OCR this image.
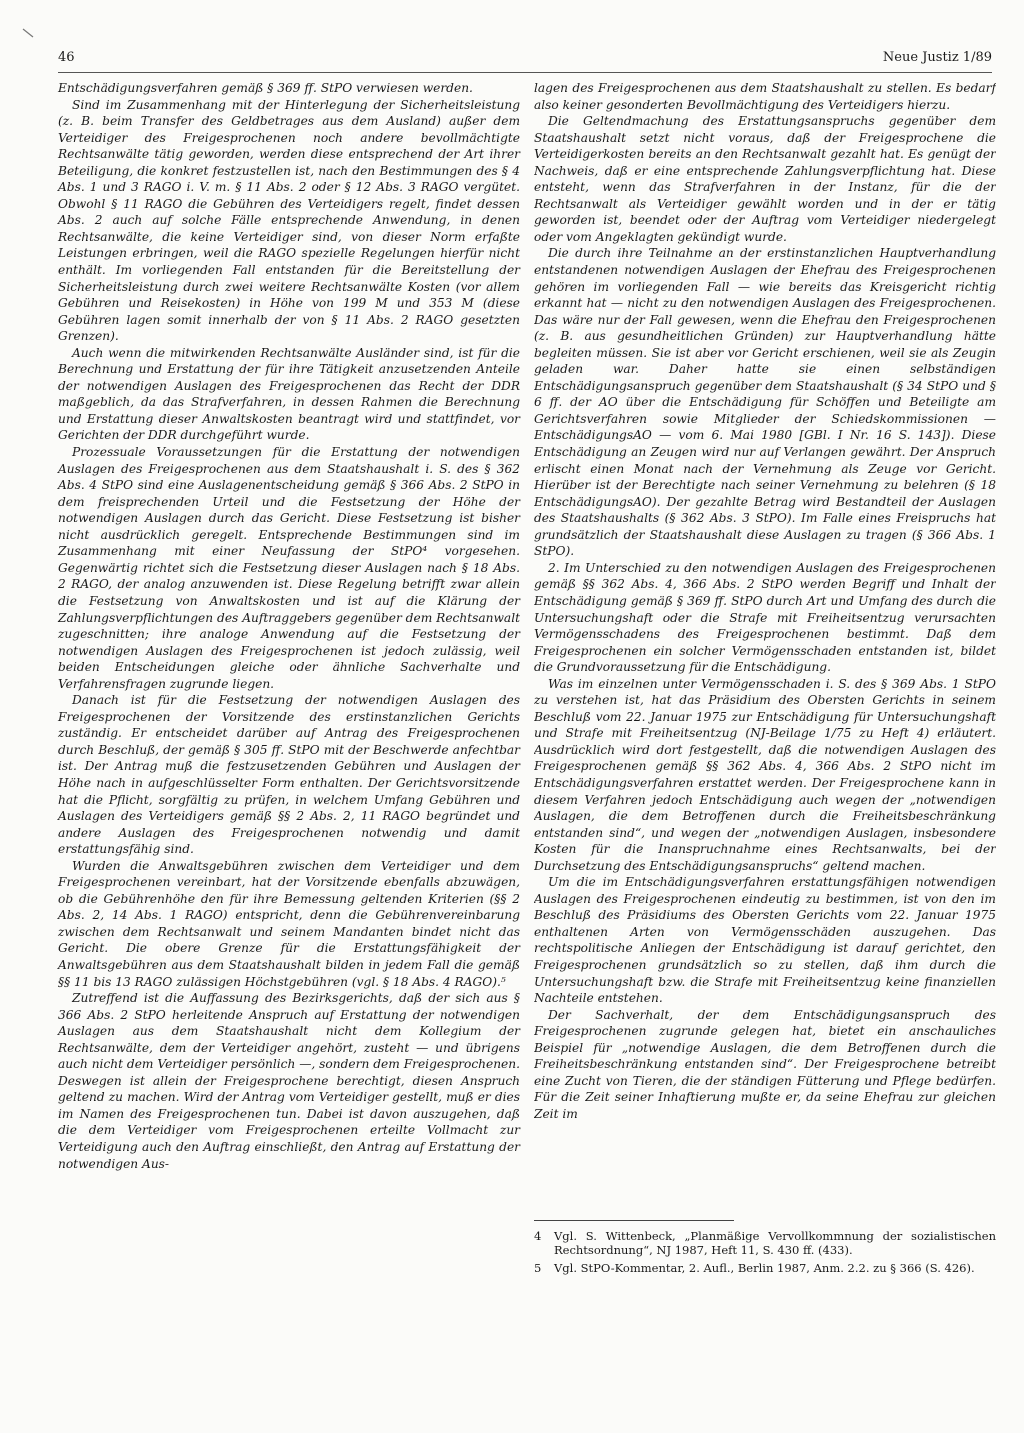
46	Neue Justiz 1/89

Entschädigungsverfahren gemäß § 369 ff. StPO verwiesen werden.

Sind im Zusammenhang mit der Hinterlegung der Sicherheitsleistung (z. B. beim Transfer des Geldbetrages aus dem Ausland) außer dem Verteidiger des Freigesprochenen noch andere bevollmächtigte Rechtsanwälte tätig geworden, werden diese entsprechend der Art ihrer Beteiligung, die konkret festzustellen ist, nach den Bestimmungen des § 4 Abs. 1 und 3 RAGO i. V. m. § 11 Abs. 2 oder § 12 Abs. 3 RAGO vergütet. Obwohl § 11 RAGO die Gebühren des Verteidigers regelt, findet dessen Abs. 2 auch auf solche Fälle entsprechende Anwendung, in denen Rechtsanwälte, die keine Verteidiger sind, von dieser Norm erfaßte Leistungen erbringen, weil die RAGO spezielle Regelungen hierfür nicht enthält. Im vorliegenden Fall entstanden für die Bereitstellung der Sicherheitsleistung durch zwei weitere Rechtsanwälte Kosten (vor allem Gebühren und Reisekosten) in Höhe von 199 M und 353 M (diese Gebühren lagen somit innerhalb der von § 11 Abs. 2 RAGO gesetzten Grenzen).

Auch wenn die mitwirkenden Rechtsanwälte Ausländer sind, ist für die Berechnung und Erstattung der für ihre Tätigkeit anzusetzenden Anteile der notwendigen Auslagen des Freigesprochenen das Recht der DDR maßgeblich, da das Strafverfahren, in dessen Rahmen die Berechnung und Erstattung dieser Anwaltskosten beantragt wird und stattfindet, vor Gerichten der DDR durchgeführt wurde.

Prozessuale Voraussetzungen für die Erstattung der notwendigen Auslagen des Freigesprochenen aus dem Staatshaushalt i. S. des § 362 Abs. 4 StPO sind eine Auslagenentscheidung gemäß § 366 Abs. 2 StPO in dem freisprechenden Urteil und die Festsetzung der Höhe der notwendigen Auslagen durch das Gericht. Diese Festsetzung ist bisher nicht ausdrücklich geregelt. Entsprechende Bestimmungen sind im Zusammenhang mit einer Neufassung der StPO⁴ vorgesehen. Gegenwärtig richtet sich die Festsetzung dieser Auslagen nach § 18 Abs. 2 RAGO, der analog anzuwenden ist. Diese Regelung betrifft zwar allein die Festsetzung von Anwaltskosten und ist auf die Klärung der Zahlungsverpflichtungen des Auftraggebers gegenüber dem Rechtsanwalt zugeschnitten; ihre analoge Anwendung auf die Festsetzung der notwendigen Auslagen des Freigesprochenen ist jedoch zulässig, weil beiden Entscheidungen gleiche oder ähnliche Sachverhalte und Verfahrensfragen zugrunde liegen.

Danach ist für die Festsetzung der notwendigen Auslagen des Freigesprochenen der Vorsitzende des erstinstanzlichen Gerichts zuständig. Er entscheidet darüber auf Antrag des Freigesprochenen durch Beschluß, der gemäß § 305 ff. StPO mit der Beschwerde anfechtbar ist. Der Antrag muß die festzusetzenden Gebühren und Auslagen der Höhe nach in aufgeschlüsselter Form enthalten. Der Gerichtsvorsitzende hat die Pflicht, sorgfältig zu prüfen, in welchem Umfang Gebühren und Auslagen des Verteidigers gemäß §§ 2 Abs. 2, 11 RAGO begründet und andere Auslagen des Freigesprochenen notwendig und damit erstattungsfähig sind.

Wurden die Anwaltsgebühren zwischen dem Verteidiger und dem Freigesprochenen vereinbart, hat der Vorsitzende ebenfalls abzuwägen, ob die Gebührenhöhe den für ihre Bemessung geltenden Kriterien (§§ 2 Abs. 2, 14 Abs. 1 RAGO) entspricht, denn die Gebührenvereinbarung zwischen dem Rechtsanwalt und seinem Mandanten bindet nicht das Gericht. Die obere Grenze für die Erstattungsfähigkeit der Anwaltsgebühren aus dem Staatshaushalt bilden in jedem Fall die gemäß §§ 11 bis 13 RAGO zulässigen Höchstgebühren (vgl. § 18 Abs. 4 RAGO).⁵

Zutreffend ist die Auffassung des Bezirksgerichts, daß der sich aus § 366 Abs. 2 StPO herleitende Anspruch auf Erstattung der notwendigen Auslagen aus dem Staatshaushalt nicht dem Kollegium der Rechtsanwälte, dem der Verteidiger angehört, zusteht — und übrigens auch nicht dem Verteidiger persönlich —, sondern dem Freigesprochenen. Deswegen ist allein der Freigesprochene berechtigt, diesen Anspruch geltend zu machen. Wird der Antrag vom Verteidiger gestellt, muß er dies im Namen des Freigesprochenen tun. Dabei ist davon auszugehen, daß die dem Verteidiger vom Freigesprochenen erteilte Vollmacht zur Verteidigung auch den Auftrag einschließt, den Antrag auf Erstattung der notwendigen Aus-

lagen des Freigesprochenen aus dem Staatshaushalt zu stellen. Es bedarf also keiner gesonderten Bevollmächtigung des Verteidigers hierzu.

Die Geltendmachung des Erstattungsanspruchs gegenüber dem Staatshaushalt setzt nicht voraus, daß der Freigesprochene die Verteidigerkosten bereits an den Rechtsanwalt gezahlt hat. Es genügt der Nachweis, daß er eine entsprechende Zahlungsverpflichtung hat. Diese entsteht, wenn das Strafverfahren in der Instanz, für die der Rechtsanwalt als Verteidiger gewählt worden und in der er tätig geworden ist, beendet oder der Auftrag vom Verteidiger niedergelegt oder vom Angeklagten gekündigt wurde.

Die durch ihre Teilnahme an der erstinstanzlichen Hauptverhandlung entstandenen notwendigen Auslagen der Ehefrau des Freigesprochenen gehören im vorliegenden Fall — wie bereits das Kreisgericht richtig erkannt hat — nicht zu den notwendigen Auslagen des Freigesprochenen. Das wäre nur der Fall gewesen, wenn die Ehefrau den Freigesprochenen (z. B. aus gesundheitlichen Gründen) zur Hauptverhandlung hätte begleiten müssen. Sie ist aber vor Gericht erschienen, weil sie als Zeugin geladen war. Daher hatte sie einen selbständigen Entschädigungsanspruch gegenüber dem Staatshaushalt (§ 34 StPO und § 6 ff. der AO über die Entschädigung für Schöffen und Beteiligte am Gerichtsverfahren sowie Mitglieder der Schiedskommissionen — EntschädigungsAO — vom 6. Mai 1980 [GBl. I Nr. 16 S. 143]). Diese Entschädigung an Zeugen wird nur auf Verlangen gewährt. Der Anspruch erlischt einen Monat nach der Vernehmung als Zeuge vor Gericht. Hierüber ist der Berechtigte nach seiner Vernehmung zu belehren (§ 18 EntschädigungsAO). Der gezahlte Betrag wird Bestandteil der Auslagen des Staatshaushalts (§ 362 Abs. 3 StPO). Im Falle eines Freispruchs hat grundsätzlich der Staatshaushalt diese Auslagen zu tragen (§ 366 Abs. 1 StPO).

2. Im Unterschied zu den notwendigen Auslagen des Freigesprochenen gemäß §§ 362 Abs. 4, 366 Abs. 2 StPO werden Begriff und Inhalt der Entschädigung gemäß § 369 ff. StPO durch Art und Umfang des durch die Untersuchungshaft oder die Strafe mit Freiheitsentzug verursachten Vermögensschadens des Freigesprochenen bestimmt. Daß dem Freigesprochenen ein solcher Vermögensschaden entstanden ist, bildet die Grundvoraussetzung für die Entschädigung.

Was im einzelnen unter Vermögensschaden i. S. des § 369 Abs. 1 StPO zu verstehen ist, hat das Präsidium des Obersten Gerichts in seinem Beschluß vom 22. Januar 1975 zur Entschädigung für Untersuchungshaft und Strafe mit Freiheitsentzug (NJ-Beilage 1/75 zu Heft 4) erläutert. Ausdrücklich wird dort festgestellt, daß die notwendigen Auslagen des Freigesprochenen gemäß §§ 362 Abs. 4, 366 Abs. 2 StPO nicht im Entschädigungsverfahren erstattet werden. Der Freigesprochene kann in diesem Verfahren jedoch Entschädigung auch wegen der „notwendigen Auslagen, die dem Betroffenen durch die Freiheitsbeschränkung entstanden sind“, und wegen der „notwendigen Auslagen, insbesondere Kosten für die Inanspruchnahme eines Rechtsanwalts, bei der Durchsetzung des Entschädigungsanspruchs“ geltend machen.

Um die im Entschädigungsverfahren erstattungsfähigen notwendigen Auslagen des Freigesprochenen eindeutig zu bestimmen, ist von den im Beschluß des Präsidiums des Obersten Gerichts vom 22. Januar 1975 enthaltenen Arten von Vermögensschäden auszugehen. Das rechtspolitische Anliegen der Entschädigung ist darauf gerichtet, den Freigesprochenen grundsätzlich so zu stellen, daß ihm durch die Untersuchungshaft bzw. die Strafe mit Freiheitsentzug keine finanziellen Nachteile entstehen.

Der Sachverhalt, der dem Entschädigungsanspruch des Freigesprochenen zugrunde gelegen hat, bietet ein anschauliches Beispiel für „notwendige Auslagen, die dem Betroffenen durch die Freiheitsbeschränkung entstanden sind“. Der Freigesprochene betreibt eine Zucht von Tieren, die der ständigen Fütterung und Pflege bedürfen. Für die Zeit seiner Inhaftierung mußte er, da seine Ehefrau zur gleichen Zeit im

4	Vgl. S. Wittenbeck, „Planmäßige Vervollkommnung der sozialistischen Rechtsordnung“, NJ 1987, Heft 11, S. 430 ff. (433).
5	Vgl. StPO-Kommentar, 2. Aufl., Berlin 1987, Anm. 2.2. zu § 366 (S. 426).
